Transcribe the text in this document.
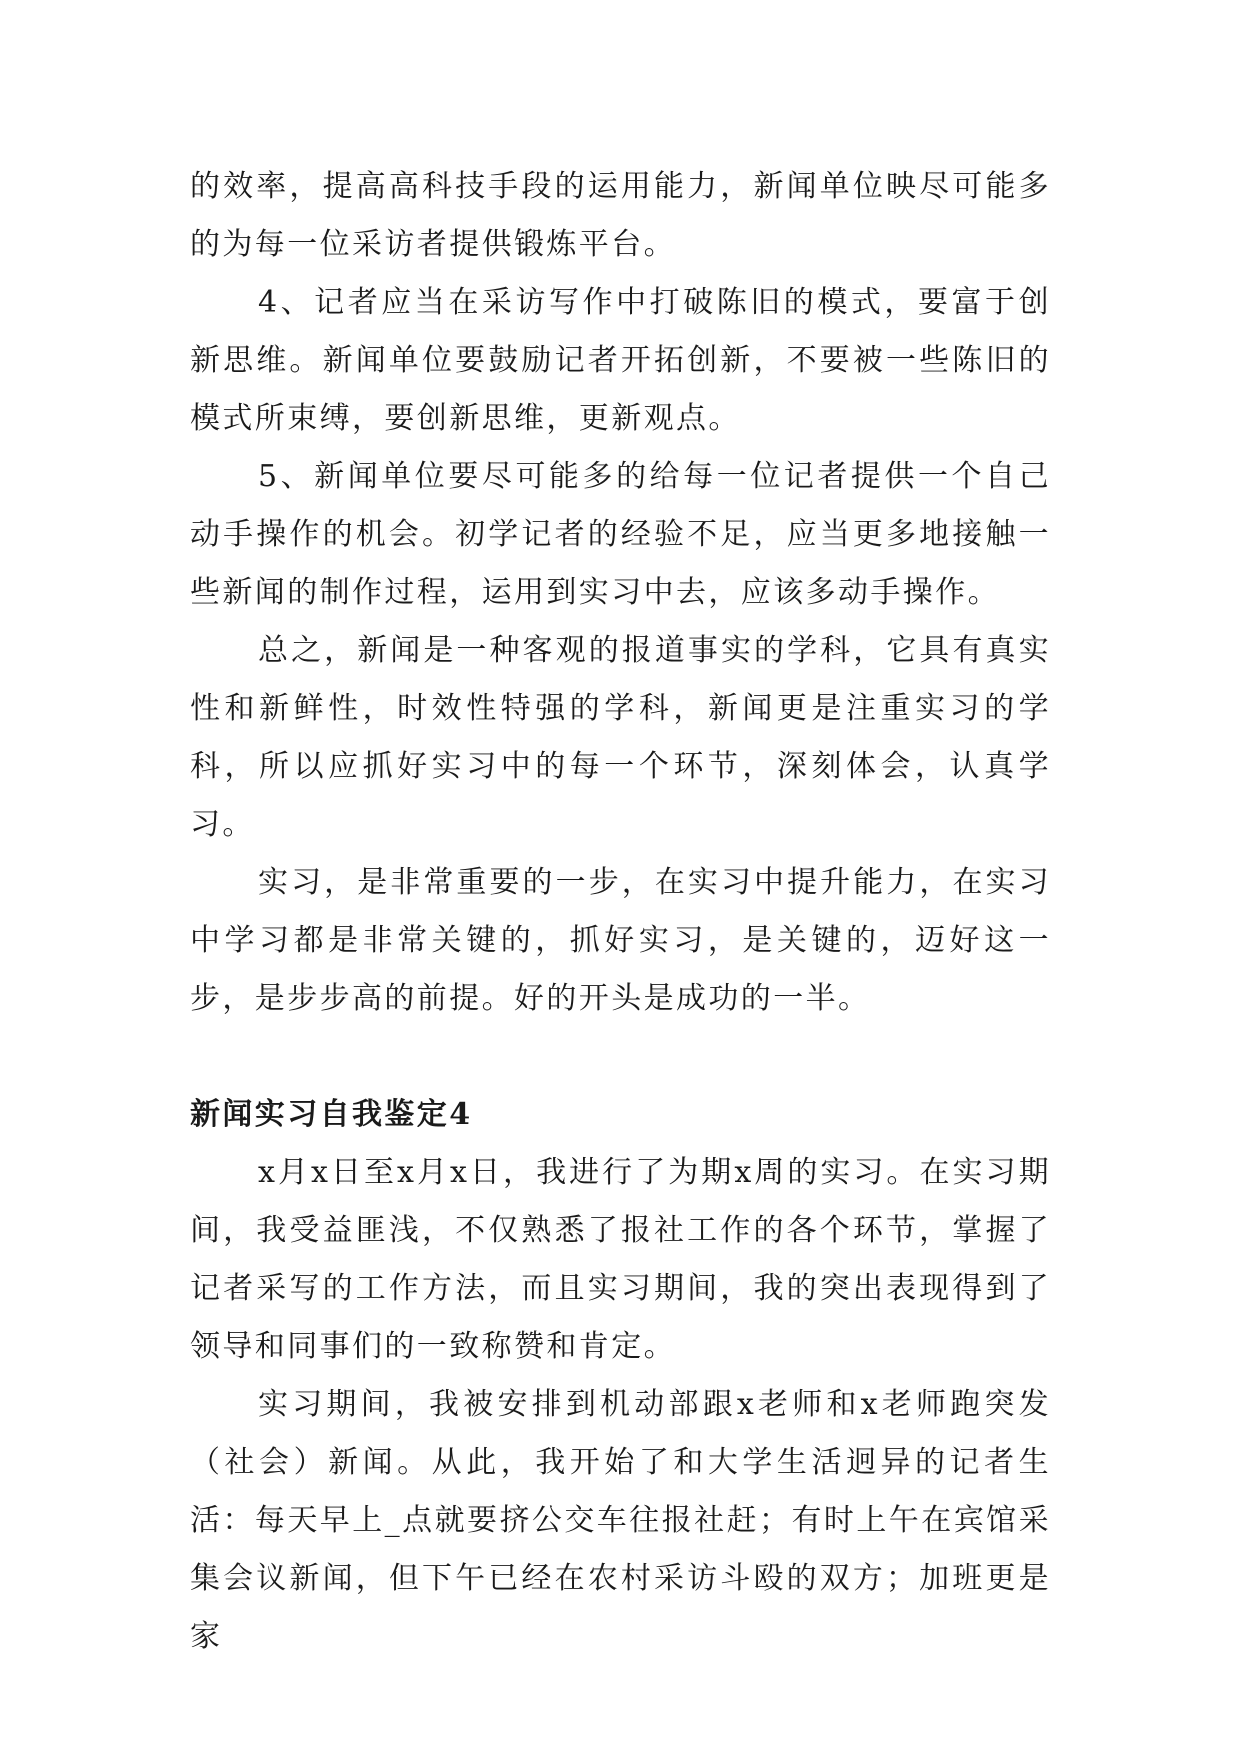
的效率，提高高科技手段的运用能力，新闻单位映尽可能多的为每一位采访者提供锻炼平台。

4、记者应当在采访写作中打破陈旧的模式，要富于创新思维。新闻单位要鼓励记者开拓创新，不要被一些陈旧的模式所束缚，要创新思维，更新观点。

5、新闻单位要尽可能多的给每一位记者提供一个自己动手操作的机会。初学记者的经验不足，应当更多地接触一些新闻的制作过程，运用到实习中去，应该多动手操作。

总之，新闻是一种客观的报道事实的学科，它具有真实性和新鲜性，时效性特强的学科，新闻更是注重实习的学科，所以应抓好实习中的每一个环节，深刻体会，认真学习。

实习，是非常重要的一步，在实习中提升能力，在实习中学习都是非常关键的，抓好实习，是关键的，迈好这一步，是步步高的前提。好的开头是成功的一半。

新闻实习自我鉴定4

x月x日至x月x日，我进行了为期x周的实习。在实习期间，我受益匪浅，不仅熟悉了报社工作的各个环节，掌握了记者采写的工作方法，而且实习期间，我的突出表现得到了领导和同事们的一致称赞和肯定。

实习期间，我被安排到机动部跟x老师和x老师跑突发（社会）新闻。从此，我开始了和大学生活迥异的记者生活：每天早上_点就要挤公交车往报社赶；有时上午在宾馆采集会议新闻，但下午已经在农村采访斗殴的双方；加班更是家
